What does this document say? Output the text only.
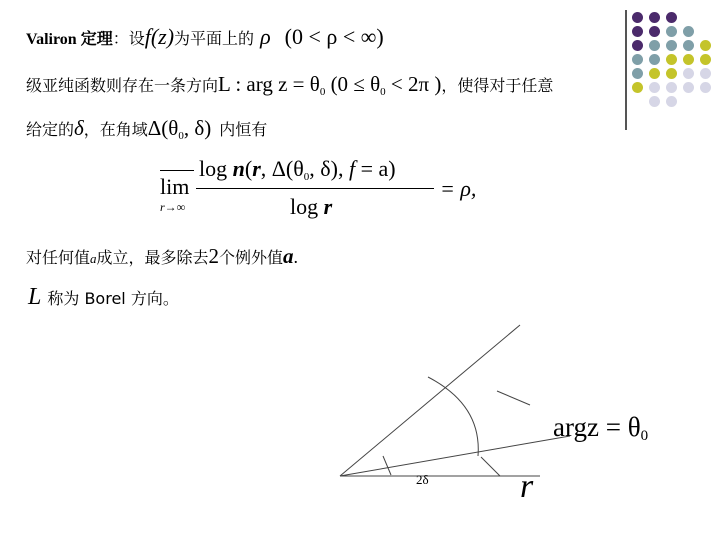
Valiron 定理：设f(z)为平面上的 ρ (0 < ρ < ∞)
级亚纯函数则存在一条方向L : arg $z = \theta_0$ ($0 \le \theta_0 < 2\pi$ )，使得对于任意
给定的δ，在角域$\Delta(\theta_0$, δ) 内恒有
lim
r→∞
log n(r, $\Delta(\theta_0$, δ), f = a)
log r
= ρ,
对任何值a成立，最多除去2个例外值a.
L称为 Borel 方向。
2δ
argz = $\theta_0$
r
